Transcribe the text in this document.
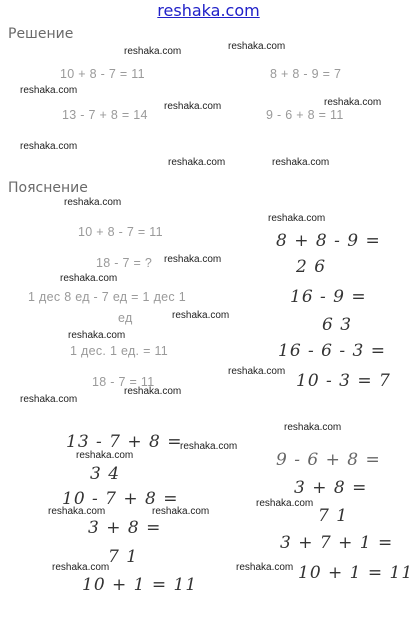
reshaka.com
Решение
reshaka.com	reshaka.com
reshaka.com
reshaka.com	reshaka.com
reshaka.com
reshaka.com	reshaka.com
reshaka.com
reshaka.com
reshaka.com
reshaka.com
reshaka.com
reshaka.com
reshaka.com
reshaka.com
reshaka.com
reshaka.com
reshaka.com
reshaka.com
reshaka.com
reshaka.com	reshaka.com
reshaka.com	reshaka.com
10 + 8 - 7 = 11	8 + 8 - 9 = 7
13 - 7 + 8 = 14	9 - 6 + 8 = 11
Пояснение
10 + 8 - 7 = 11
18 - 7 = ?
1 дес 8 ед - 7 ед = 1 дес 1
ед
1 дес. 1 ед. = 11
18 - 7 = 11
8 + 8 - 9 =
2 6
16 - 9 =
6 3
16 - 6 - 3 =
10 - 3 = 7
13 - 7 + 8 =
3 4
10 - 7 + 8 =
3 + 8 =
7 1
10 + 1 = 11
9 - 6 + 8 =
3 + 8 =
7 1
3 + 7 + 1 =
10 + 1 = 11
